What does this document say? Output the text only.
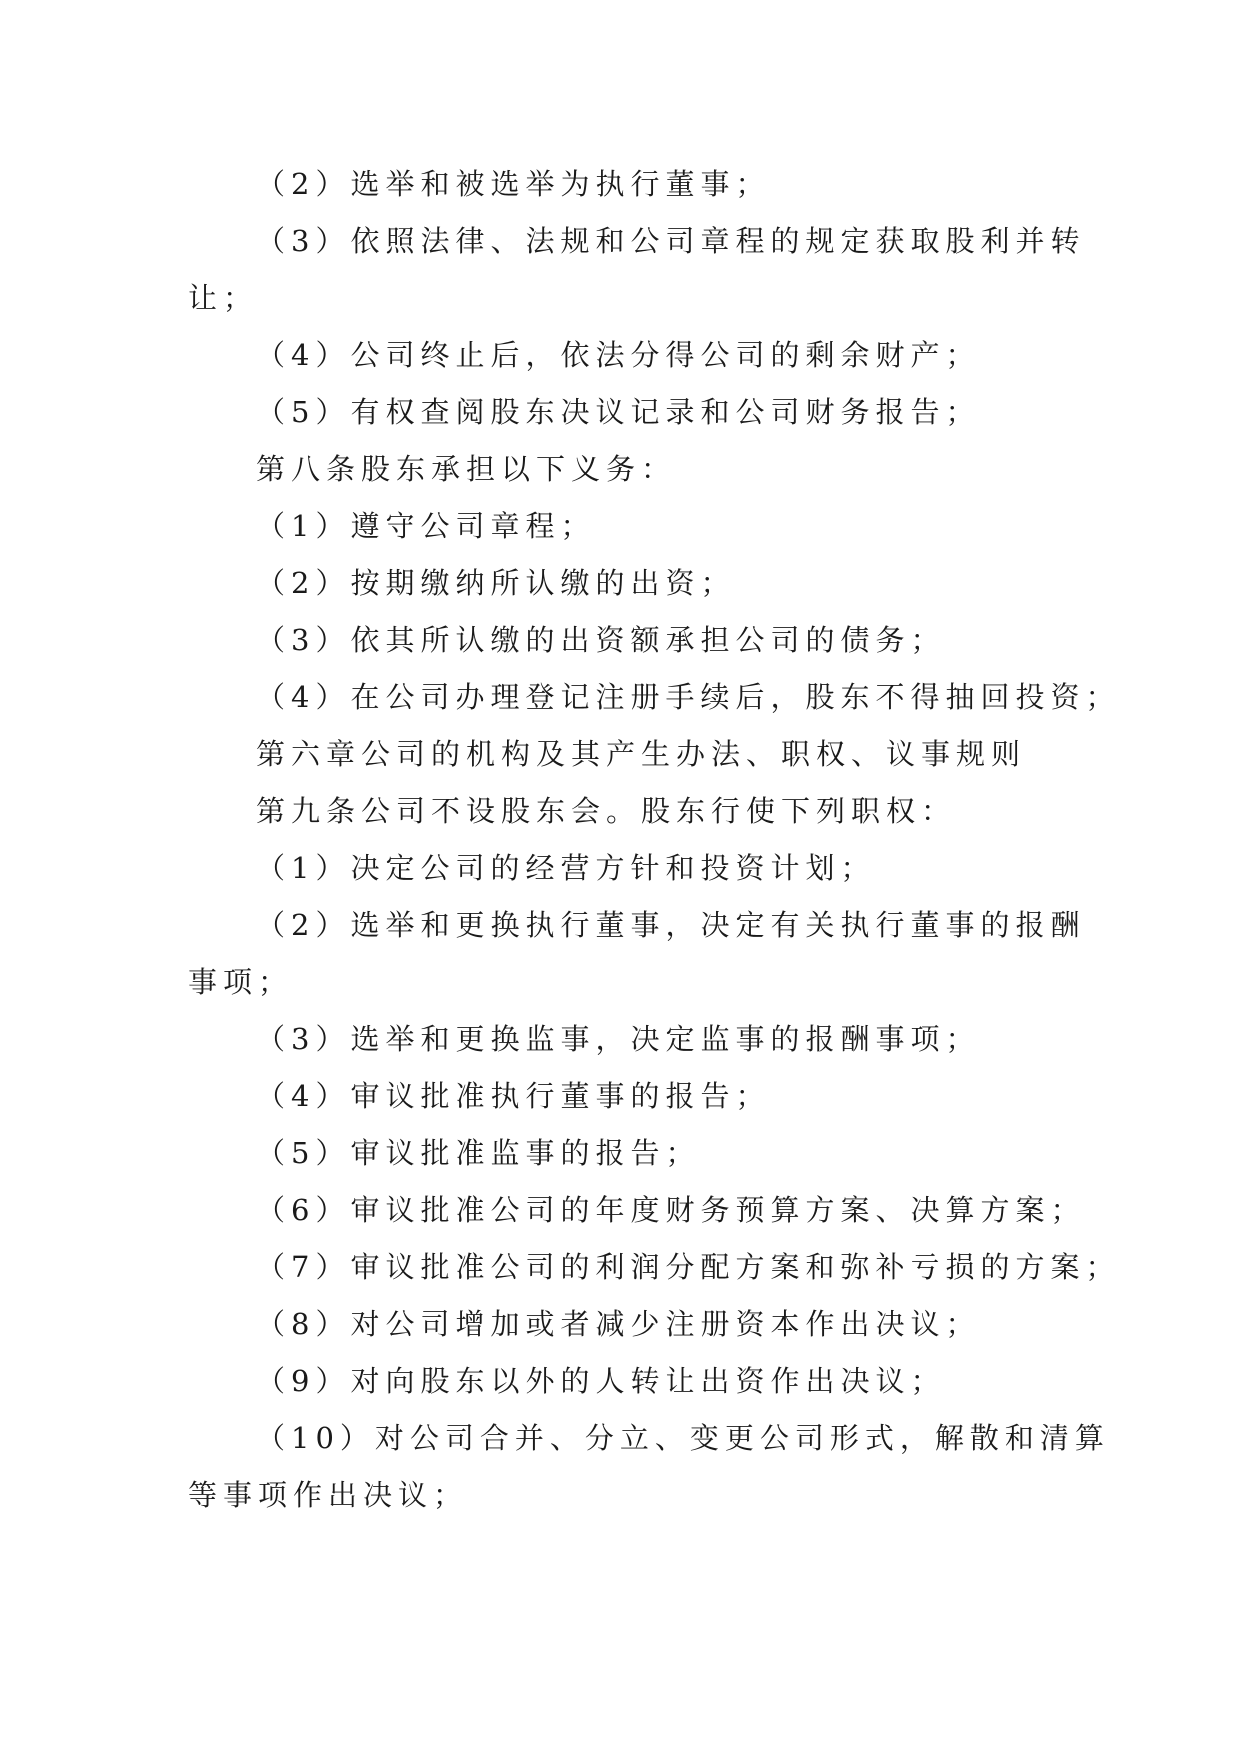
（2）选举和被选举为执行董事；
（3）依照法律、法规和公司章程的规定获取股利并转
让；
（4）公司终止后，依法分得公司的剩余财产；
（5）有权查阅股东决议记录和公司财务报告；
第八条股东承担以下义务：
（1）遵守公司章程；
（2）按期缴纳所认缴的出资；
（3）依其所认缴的出资额承担公司的债务；
（4）在公司办理登记注册手续后，股东不得抽回投资；
第六章公司的机构及其产生办法、职权、议事规则
第九条公司不设股东会。股东行使下列职权：
（1）决定公司的经营方针和投资计划；
（2）选举和更换执行董事，决定有关执行董事的报酬
事项；
（3）选举和更换监事，决定监事的报酬事项；
（4）审议批准执行董事的报告；
（5）审议批准监事的报告；
（6）审议批准公司的年度财务预算方案、决算方案；
（7）审议批准公司的利润分配方案和弥补亏损的方案；
（8）对公司增加或者减少注册资本作出决议；
（9）对向股东以外的人转让出资作出决议；
（10）对公司合并、分立、变更公司形式，解散和清算
等事项作出决议；
